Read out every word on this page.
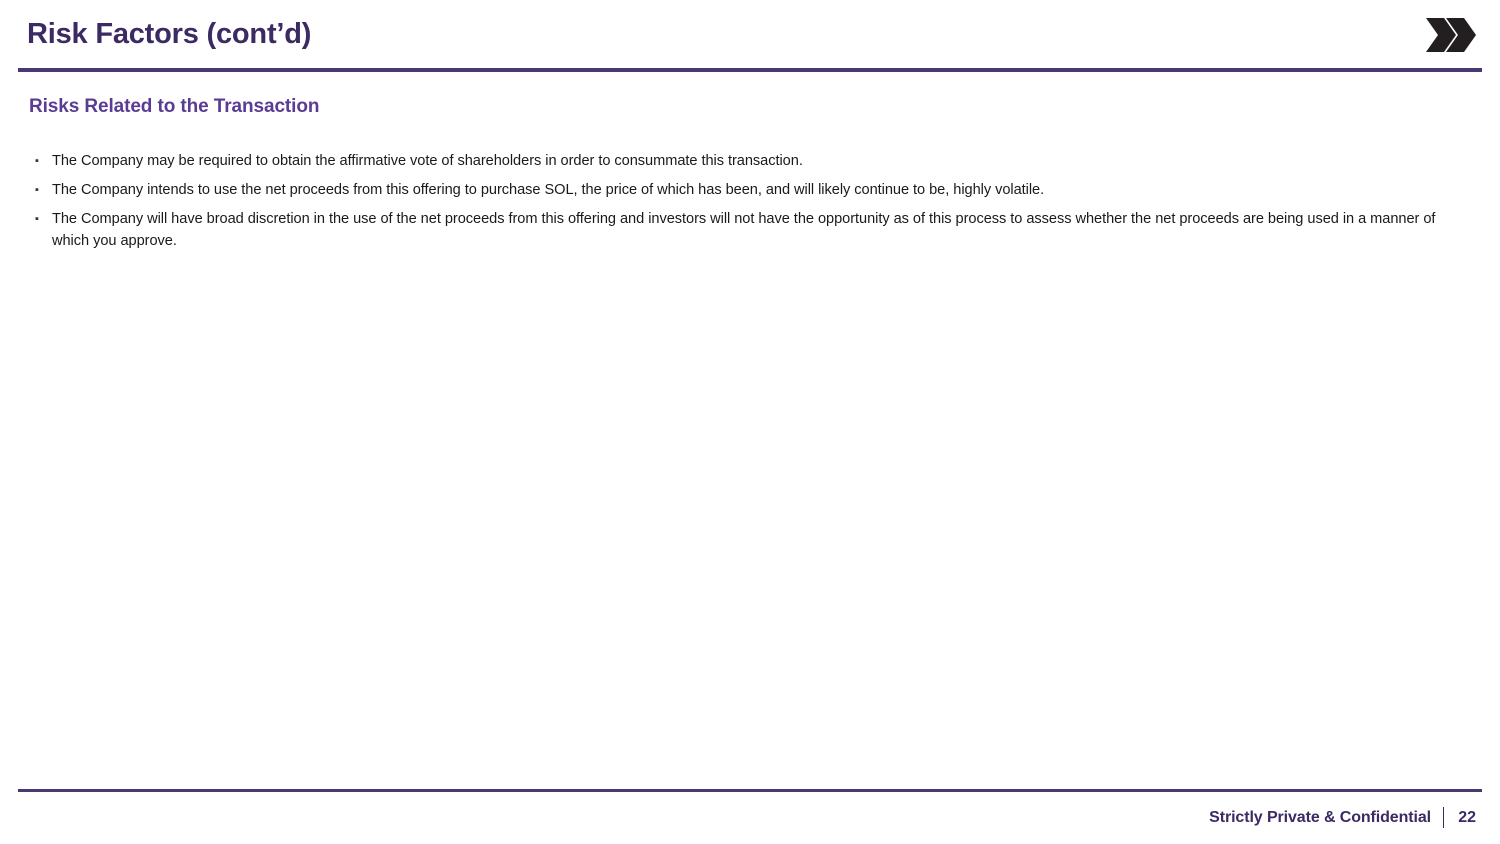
Risk Factors (cont’d)
Risks Related to the Transaction
▪ The Company may be required to obtain the affirmative vote of shareholders in order to consummate this transaction.
▪ The Company intends to use the net proceeds from this offering to purchase SOL, the price of which has been, and will likely continue to be, highly volatile.
▪ The Company will have broad discretion in the use of the net proceeds from this offering and investors will not have the opportunity as of this process to assess whether the net proceeds are being used in a manner of which you approve.
Strictly Private & Confidential 22
